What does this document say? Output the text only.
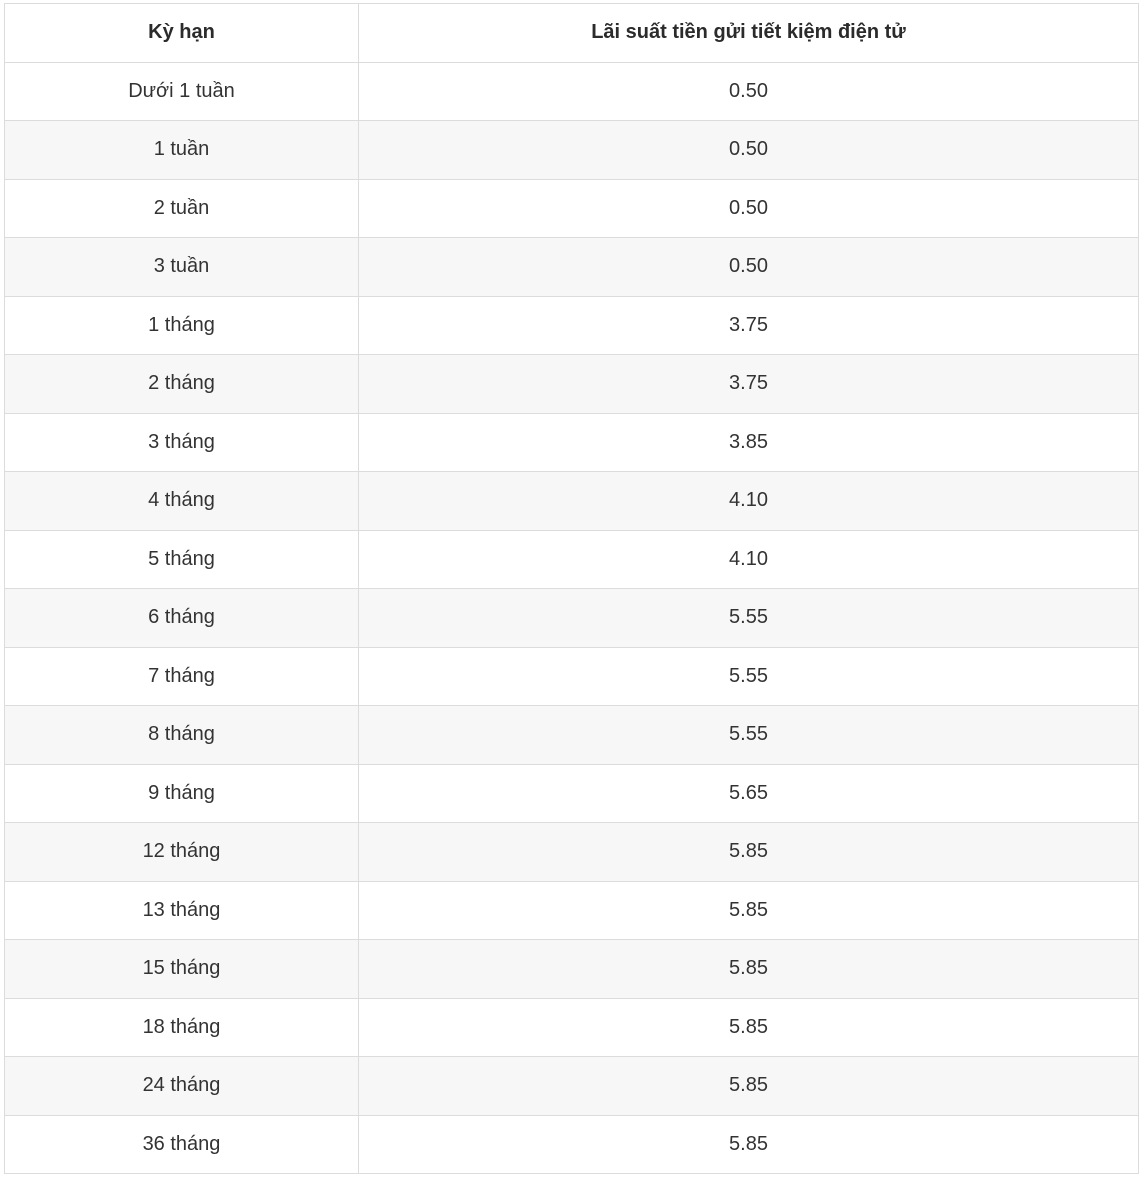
Kỳ hạn	Lãi suất tiền gửi tiết kiệm điện tử
Dưới 1 tuần	0.50
1 tuần	0.50
2 tuần	0.50
3 tuần	0.50
1 tháng	3.75
2 tháng	3.75
3 tháng	3.85
4 tháng	4.10
5 tháng	4.10
6 tháng	5.55
7 tháng	5.55
8 tháng	5.55
9 tháng	5.65
12 tháng	5.85
13 tháng	5.85
15 tháng	5.85
18 tháng	5.85
24 tháng	5.85
36 tháng	5.85
